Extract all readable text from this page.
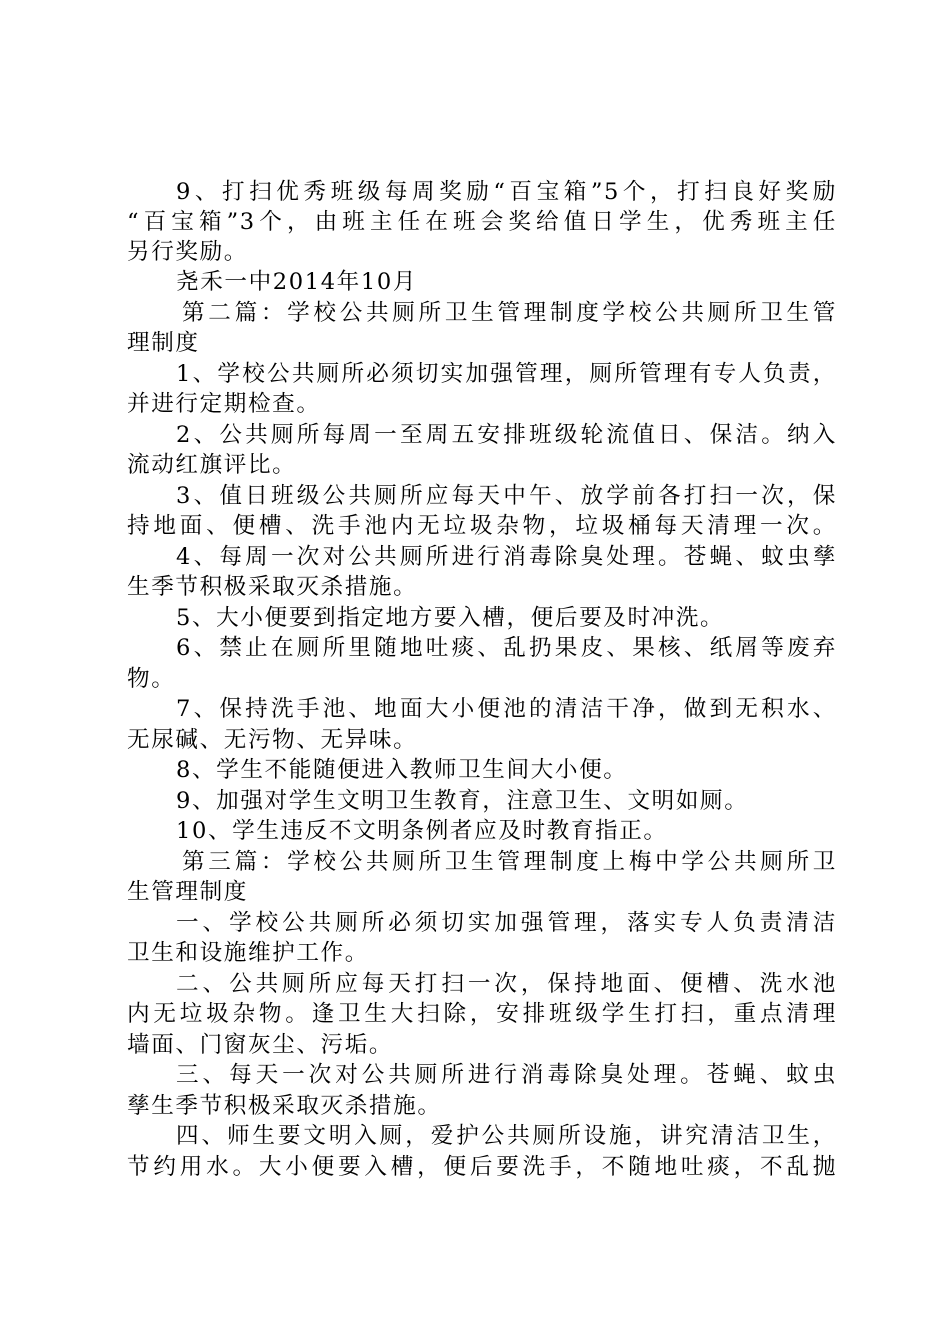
9、打扫优秀班级每周奖励“百宝箱”5个，打扫良好奖励
“百宝箱”3个，由班主任在班会奖给值日学生，优秀班主任
另行奖励。
尧禾一中2014年10月
第二篇：学校公共厕所卫生管理制度学校公共厕所卫生管
理制度
1、学校公共厕所必须切实加强管理，厕所管理有专人负责，
并进行定期检查。
2、公共厕所每周一至周五安排班级轮流值日、保洁。纳入
流动红旗评比。
3、值日班级公共厕所应每天中午、放学前各打扫一次，保
持地面、便槽、洗手池内无垃圾杂物，垃圾桶每天清理一次。
4、每周一次对公共厕所进行消毒除臭处理。苍蝇、蚊虫孳
生季节积极采取灭杀措施。
5、大小便要到指定地方要入槽，便后要及时冲洗。
6、禁止在厕所里随地吐痰、乱扔果皮、果核、纸屑等废弃
物。
7、保持洗手池、地面大小便池的清洁干净，做到无积水、
无尿碱、无污物、无异味。
8、学生不能随便进入教师卫生间大小便。
9、加强对学生文明卫生教育，注意卫生、文明如厕。
10、学生违反不文明条例者应及时教育指正。
第三篇：学校公共厕所卫生管理制度上梅中学公共厕所卫
生管理制度
一、学校公共厕所必须切实加强管理，落实专人负责清洁
卫生和设施维护工作。
二、公共厕所应每天打扫一次，保持地面、便槽、洗水池
内无垃圾杂物。逢卫生大扫除，安排班级学生打扫，重点清理
墙面、门窗灰尘、污垢。
三、每天一次对公共厕所进行消毒除臭处理。苍蝇、蚊虫
孳生季节积极采取灭杀措施。
四、师生要文明入厕，爱护公共厕所设施，讲究清洁卫生，
节约用水。大小便要入槽，便后要洗手，不随地吐痰，不乱抛
